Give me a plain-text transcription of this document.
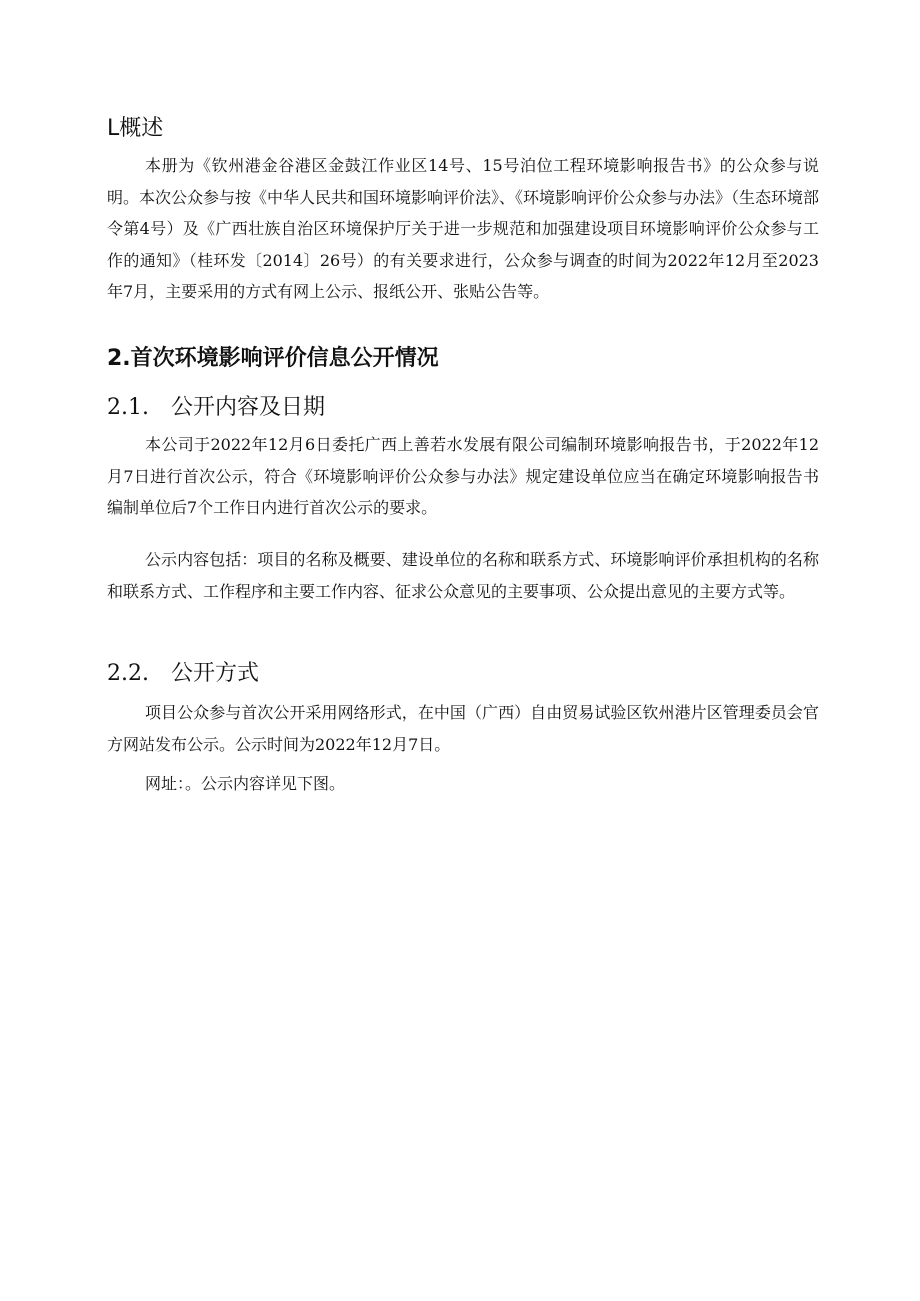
L概述

本册为《钦州港金谷港区金鼓江作业区14号、15号泊位工程环境影响报告书》的公众参与说明。本次公众参与按《中华人民共和国环境影响评价法》、《环境影响评价公众参与办法》（生态环境部令第4号）及《广西壮族自治区环境保护厅关于进一步规范和加强建设项目环境影响评价公众参与工作的通知》（桂环发〔2014〕26号）的有关要求进行，公众参与调查的时间为2022年12月至2023年7月，主要采用的方式有网上公示、报纸公开、张贴公告等。

2.首次环境影响评价信息公开情况
2.1. 公开内容及日期

本公司于2022年12月6日委托广西上善若水发展有限公司编制环境影响报告书，于2022年12月7日进行首次公示，符合《环境影响评价公众参与办法》规定建设单位应当在确定环境影响报告书编制单位后7个工作日内进行首次公示的要求。

公示内容包括：项目的名称及概要、建设单位的名称和联系方式、环境影响评价承担机构的名称和联系方式、工作程序和主要工作内容、征求公众意见的主要事项、公众提出意见的主要方式等。

2.2. 公开方式

项目公众参与首次公开采用网络形式，在中国（广西）自由贸易试验区钦州港片区管理委员会官方网站发布公示。公示时间为2022年12月7日。

网址：。公示内容详见下图。
